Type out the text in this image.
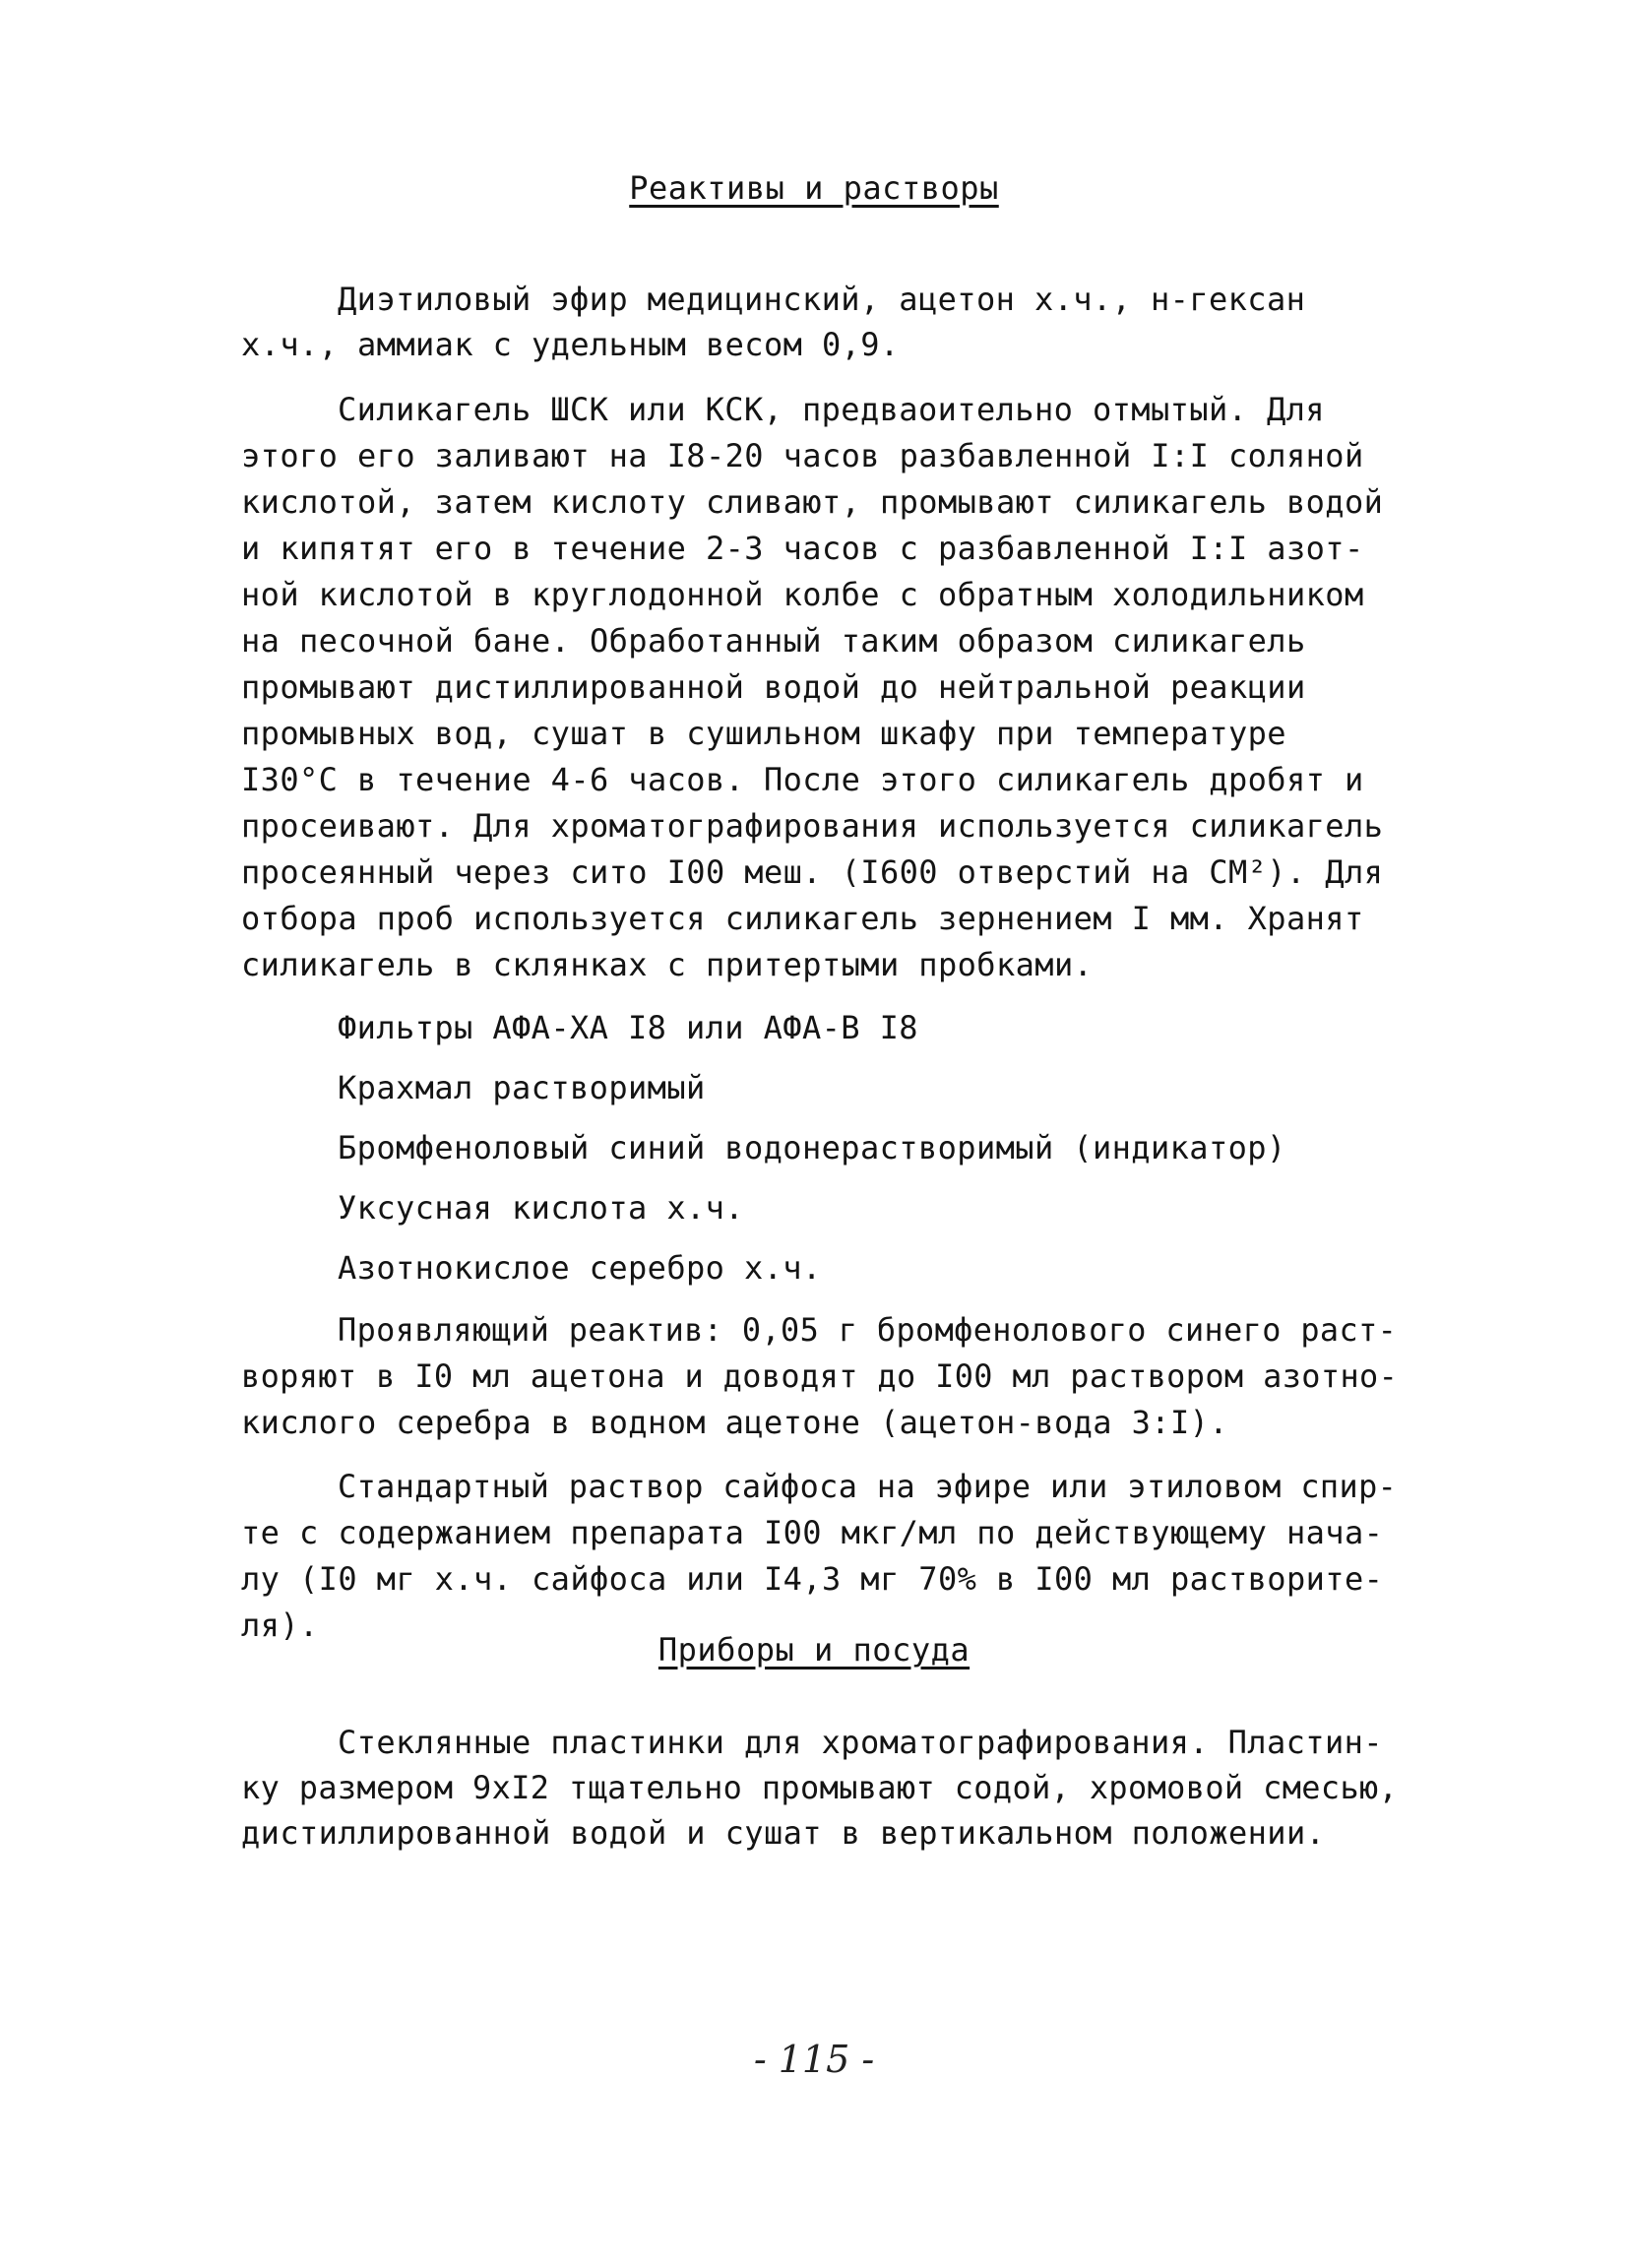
Реактивы и растворы
Диэтиловый эфир медицинский, ацетон х.ч., н-гексан
х.ч., аммиак с удельным весом 0,9.
Силикагель ШСК или КСК, предваоительно отмытый. Для
этого его заливают на I8-20 часов разбавленной I:I соляной
кислотой, затем кислоту сливают, промывают силикагель водой
и кипятят его в течение 2-3 часов с разбавленной I:I азот-
ной кислотой в круглодонной колбе с обратным холодильником
на песочной бане. Обработанный таким образом силикагель
промывают дистиллированной водой до нейтральной реакции
промывных вод, сушат в сушильном шкафу при температуре
I30°С в течение 4-6 часов. После этого силикагель дробят и
просеивают. Для хроматографирования используется силикагель
просеянный через сито I00 меш. (I600 отверстий на СМ²). Для
отбора проб используется силикагель зернением I мм. Хранят
силикагель в склянках с притертыми пробками.
Фильтры АФА-ХА I8 или АФА-В I8
Крахмал растворимый
Бромфеноловый синий водонерастворимый (индикатор)
Уксусная кислота х.ч.
Азотнокислое серебро х.ч.
Проявляющий реактив: 0,05 г бромфенолового синего раст-
воряют в I0 мл ацетона и доводят до I00 мл раствором азотно-
кислого серебра в водном ацетоне (ацетон-вода 3:I).
Стандартный раствор сайфоса на эфире или этиловом спир-
те с содержанием препарата I00 мкг/мл по действующему нача-
лу (I0 мг х.ч. сайфоса или I4,3 мг 70% в I00 мл растворите-
ля).
Приборы и посуда
Стеклянные пластинки для хроматографирования. Пластин-
ку размером 9хI2 тщательно промывают содой, хромовой смесью,
дистиллированной водой и сушат в вертикальном положении.
- 115 -
